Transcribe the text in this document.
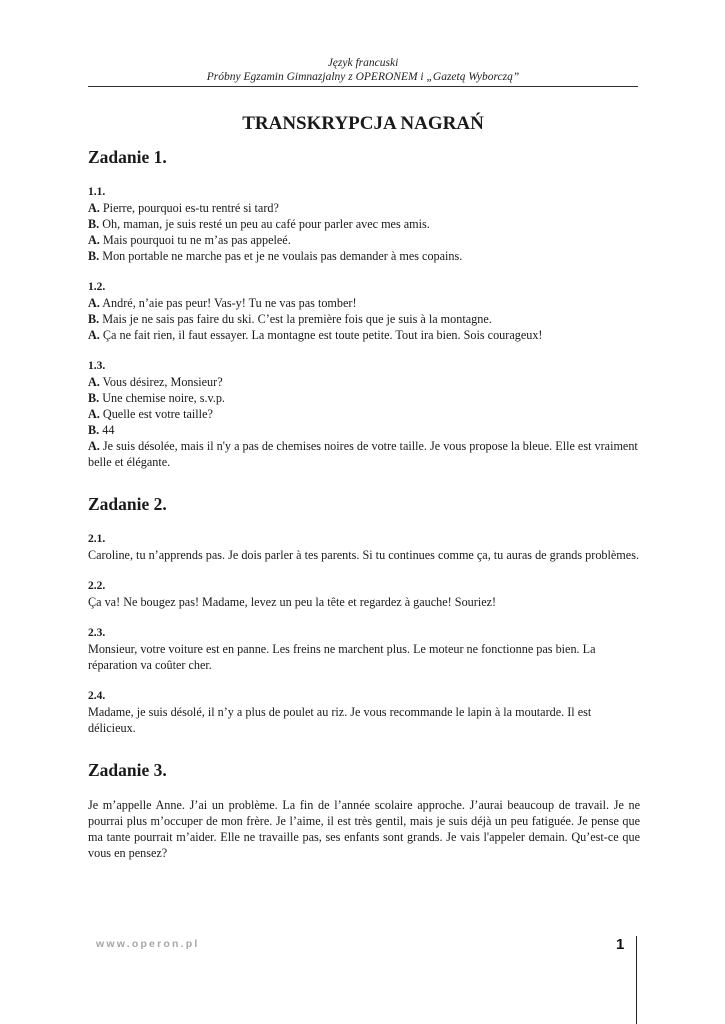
Język francuski
Próbny Egzamin Gimnazjalny z OPERONEM i „Gazetą Wyborczą”
TRANSKRYPCJA NAGRAŃ
Zadanie 1.
1.1.

A. Pierre, pourquoi es-tu rentré si tard?

B. Oh, maman, je suis resté un peu au café pour parler avec mes amis.

A. Mais pourquoi tu ne m’as pas appeleé.

B. Mon portable ne marche pas et je ne voulais pas demander à mes copains.

1.2.

A. André, n’aie pas peur! Vas-y! Tu ne vas pas tomber!

B. Mais je ne sais pas faire du ski. C’est la première fois que je suis à la montagne.

A. Ça ne fait rien, il faut essayer. La montagne est toute petite. Tout ira bien. Sois courageux!

1.3.

A. Vous désirez, Monsieur?

B. Une chemise noire, s.v.p.

A. Quelle est votre taille?

B. 44

A. Je suis désolée, mais il n'y a pas de chemises noires de votre taille. Je vous propose la bleue. Elle est vraiment belle et élégante.

Zadanie 2.
2.1.

Caroline, tu n’apprends pas. Je dois parler à tes parents. Si tu continues comme ça, tu auras de grands problèmes.

2.2.

Ça va! Ne bougez pas! Madame, levez un peu la tête et regardez à gauche! Souriez!

2.3.

Monsieur, votre voiture est en panne. Les freins ne marchent plus. Le moteur ne fonctionne pas bien. La réparation va coûter cher.

2.4.

Madame, je suis désolé, il n’y a plus de poulet au riz. Je vous recommande le lapin à la moutarde. Il est délicieux.

Zadanie 3.

Je m’appelle Anne. J’ai un problème. La fin de l’année scolaire approche. J’aurai beaucoup de travail. Je ne pourrai plus m’occuper de mon frère. Je l’aime, il est très gentil, mais je suis déjà un peu fatiguée. Je pense que ma tante pourrait m’aider. Elle ne travaille pas, ses enfants sont grands. Je vais l'appeler demain. Qu’est-ce que vous en pensez?

www.operon.pl	1
